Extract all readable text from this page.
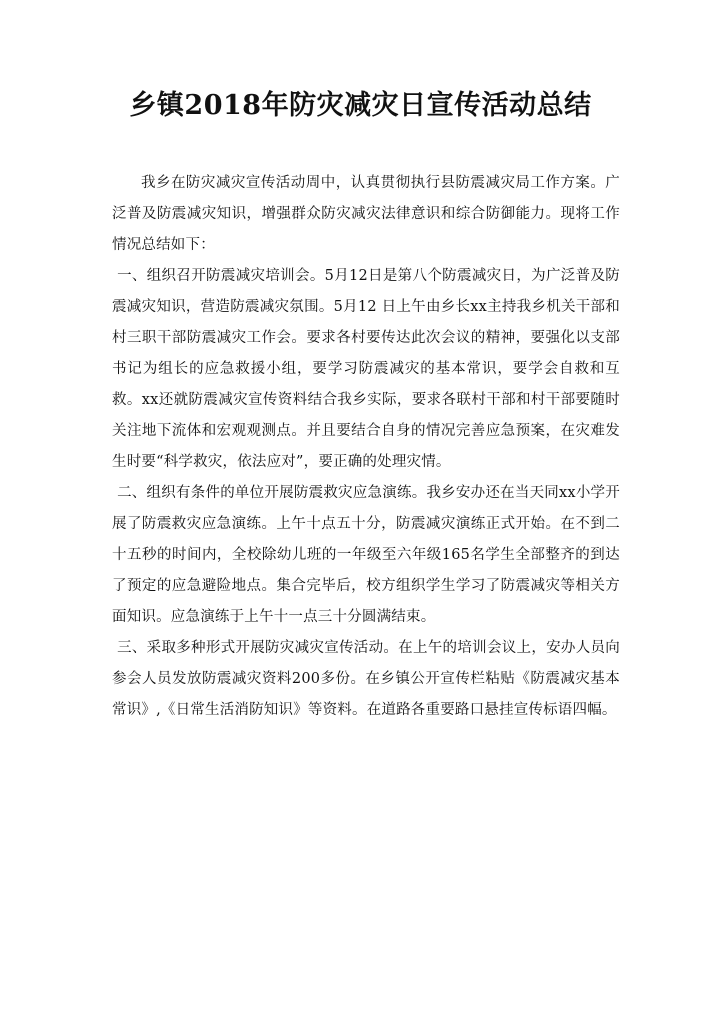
乡镇2018年防灾减灾日宣传活动总结

我乡在防灾减灾宣传活动周中，认真贯彻执行县防震减灾局工作方案。广泛普及防震减灾知识，增强群众防灾减灾法律意识和综合防御能力。现将工作情况总结如下：

一、组织召开防震减灾培训会。5月12日是第八个防震减灾日，为广泛普及防震减灾知识，营造防震减灾氛围。5月12 日上午由乡长xx主持我乡机关干部和村三职干部防震减灾工作会。要求各村要传达此次会议的精神，要强化以支部书记为组长的应急救援小组，要学习防震减灾的基本常识，要学会自救和互救。xx还就防震减灾宣传资料结合我乡实际，要求各联村干部和村干部要随时关注地下流体和宏观观测点。并且要结合自身的情况完善应急预案，在灾难发生时要“科学救灾，依法应对”，要正确的处理灾情。

二、组织有条件的单位开展防震救灾应急演练。我乡安办还在当天同xx小学开展了防震救灾应急演练。上午十点五十分，防震减灾演练正式开始。在不到二十五秒的时间内，全校除幼儿班的一年级至六年级165名学生全部整齐的到达了预定的应急避险地点。集合完毕后，校方组织学生学习了防震减灾等相关方面知识。应急演练于上午十一点三十分圆满结束。

三、采取多种形式开展防灾减灾宣传活动。在上午的培训会议上，安办人员向参会人员发放防震减灾资料200多份。在乡镇公开宣传栏粘贴《防震减灾基本常识》,《日常生活消防知识》等资料。在道路各重要路口悬挂宣传标语四幅。
